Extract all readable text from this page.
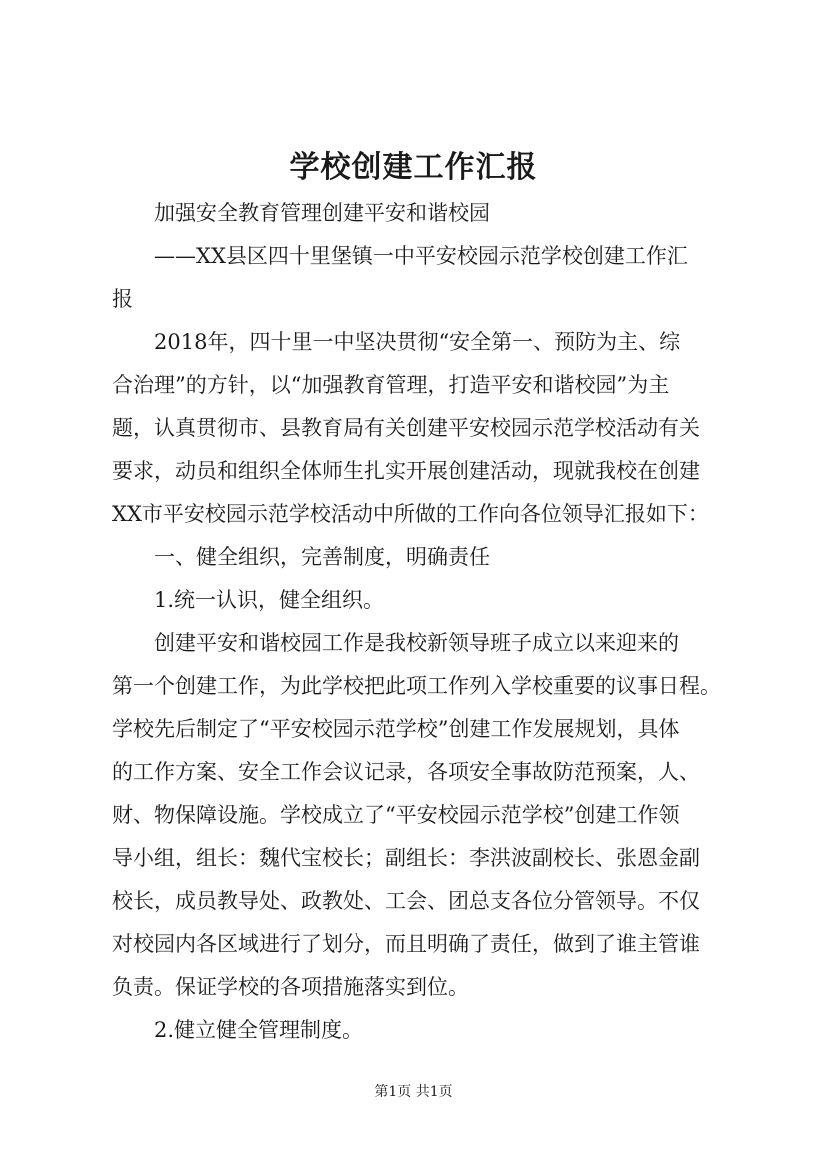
学校创建工作汇报

加强安全教育管理创建平安和谐校园

——XX县区四十里堡镇一中平安校园示范学校创建工作汇

报

2018年，四十里一中坚决贯彻“安全第一、预防为主、综

合治理”的方针，以“加强教育管理，打造平安和谐校园”为主

题，认真贯彻市、县教育局有关创建平安校园示范学校活动有关

要求，动员和组织全体师生扎实开展创建活动，现就我校在创建

XX市平安校园示范学校活动中所做的工作向各位领导汇报如下：

一、健全组织，完善制度，明确责任

1.统一认识，健全组织。

创建平安和谐校园工作是我校新领导班子成立以来迎来的

第一个创建工作，为此学校把此项工作列入学校重要的议事日程。

学校先后制定了“平安校园示范学校”创建工作发展规划，具体

的工作方案、安全工作会议记录，各项安全事故防范预案，人、

财、物保障设施。学校成立了“平安校园示范学校”创建工作领

导小组，组长：魏代宝校长；副组长：李洪波副校长、张恩金副

校长，成员教导处、政教处、工会、团总支各位分管领导。不仅

对校园内各区域进行了划分，而且明确了责任，做到了谁主管谁

负责。保证学校的各项措施落实到位。

2.健立健全管理制度。

第1页 共1页
